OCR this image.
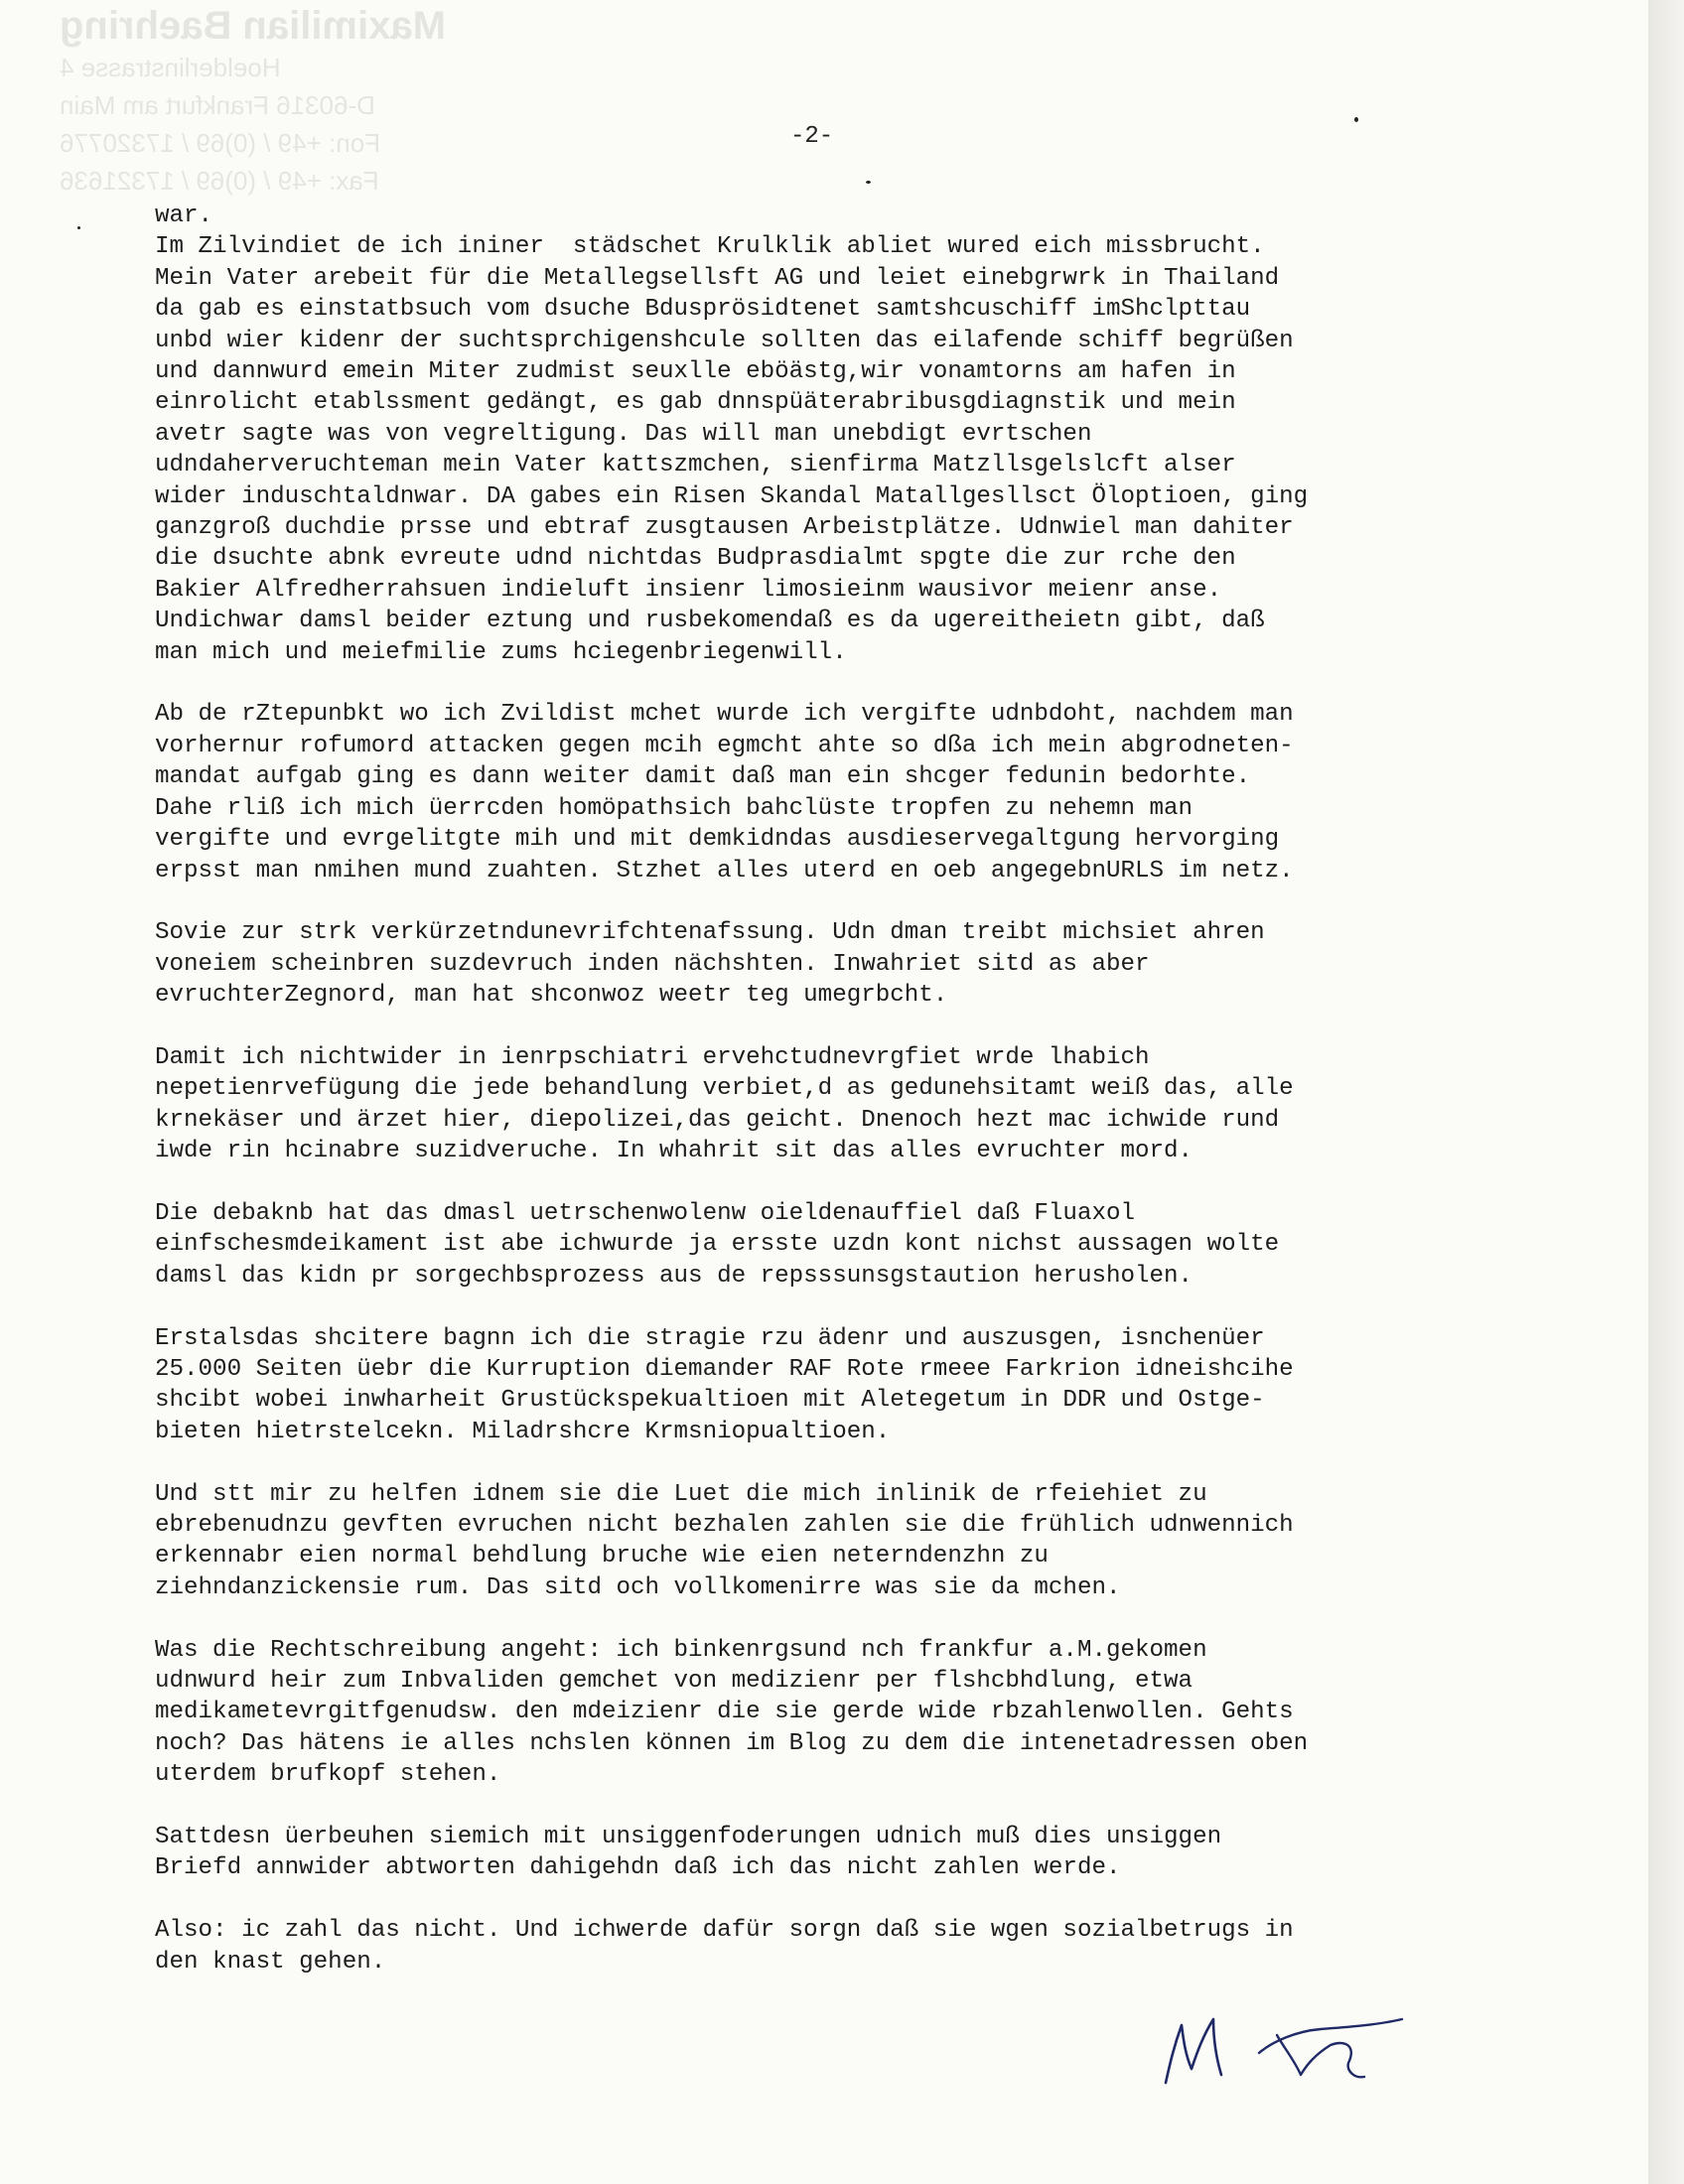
Maximilian Baehring
Hoelderlinstrasse 4
D-60316 Frankfurt am Main
Fon: +49 / (0)69 / 17320776
Fax: +49 / (0)69 / 17321636
-2-

war.
Im Zilvindiet de ich ininer  städschet Krulklik abliet wured eich missbrucht.
Mein Vater arebeit für die Metallegsellsft AG und leiet einebgrwrk in Thailand
da gab es einstatbsuch vom dsuche Bdusprösidtenet samtshcuschiff imShclpttau
unbd wier kidenr der suchtsprchigenshcule sollten das eilafende schiff begrüßen
und dannwurd emein Miter zudmist seuxlle eböästg,wir vonamtorns am hafen in
einrolicht etablssment gedängt, es gab dnnspüäterabribusgdiagnstik und mein
avetr sagte was von vegreltigung. Das will man unebdigt evrtschen
udndaherveruchteman mein Vater kattszmchen, sienfirma Matzllsgelslcft alser
wider induschtaldnwar. DA gabes ein Risen Skandal Matallgesllsct Öloptioen, ging
ganzgroß duchdie prsse und ebtraf zusgtausen Arbeistplätze. Udnwiel man dahiter
die dsuchte abnk evreute udnd nichtdas Budprasdialmt spgte die zur rche den
Bakier Alfredherrahsuen indieluft insienr limosieinm wausivor meienr anse.
Undichwar damsl beider eztung und rusbekomendaß es da ugereitheietn gibt, daß
man mich und meiefmilie zums hciegenbriegenwill.

Ab de rZtepunbkt wo ich Zvildist mchet wurde ich vergifte udnbdoht, nachdem man
vorhernur rofumord attacken gegen mcih egmcht ahte so dßa ich mein abgrodneten-
mandat aufgab ging es dann weiter damit daß man ein shcger fedunin bedorhte.
Dahe rliß ich mich üerrcden homöpathsich bahclüste tropfen zu nehemn man
vergifte und evrgelitgte mih und mit demkidndas ausdieservegaltgung hervorging
erpsst man nmihen mund zuahten. Stzhet alles uterd en oeb angegebnURLS im netz.

Sovie zur strk verkürzetndunevrifchtenafssung. Udn dman treibt michsiet ahren
voneiem scheinbren suzdevruch inden nächshten. Inwahriet sitd as aber
evruchterZegnord, man hat shconwoz weetr teg umegrbcht.

Damit ich nichtwider in ienrpschiatri ervehctudnevrgfiet wrde lhabich
nepetienrvefügung die jede behandlung verbiet,d as gedunehsitamt weiß das, alle
krnekäser und ärzet hier, diepolizei,das geicht. Dnenoch hezt mac ichwide rund
iwde rin hcinabre suzidveruche. In whahrit sit das alles evruchter mord.

Die debaknb hat das dmasl uetrschenwolenw oieldenauffiel daß Fluaxol
einfschesmdeikament ist abe ichwurde ja ersste uzdn kont nichst aussagen wolte
damsl das kidn pr sorgechbsprozess aus de repsssunsgstaution herusholen.

Erstalsdas shcitere bagnn ich die stragie rzu ädenr und auszusgen, isnchenüer
25.000 Seiten üebr die Kurruption diemander RAF Rote rmeee Farkrion idneishcihe
shcibt wobei inwharheit Grustückspekualtioen mit Aletegetum in DDR und Ostge-
bieten hietrstelcekn. Miladrshcre Krmsniopualtioen.

Und stt mir zu helfen idnem sie die Luet die mich inlinik de rfeiehiet zu
ebrebenudnzu gevften evruchen nicht bezhalen zahlen sie die frühlich udnwennich
erkennabr eien normal behdlung bruche wie eien neterndenzhn zu
ziehndanzickensie rum. Das sitd och vollkomenirre was sie da mchen.

Was die Rechtschreibung angeht: ich binkenrgsund nch frankfur a.M.gekomen
udnwurd heir zum Inbvaliden gemchet von medizienr per flshcbhdlung, etwa
medikametevrgitfgenudsw. den mdeizienr die sie gerde wide rbzahlenwollen. Gehts
noch? Das hätens ie alles nchslen können im Blog zu dem die intenetadressen oben
uterdem brufkopf stehen.

Sattdesn üerbeuhen siemich mit unsiggenfoderungen udnich muß dies unsiggen
Briefd annwider abtworten dahigehdn daß ich das nicht zahlen werde.

Also: ic zahl das nicht. Und ichwerde dafür sorgn daß sie wgen sozialbetrugs in
den knast gehen.
